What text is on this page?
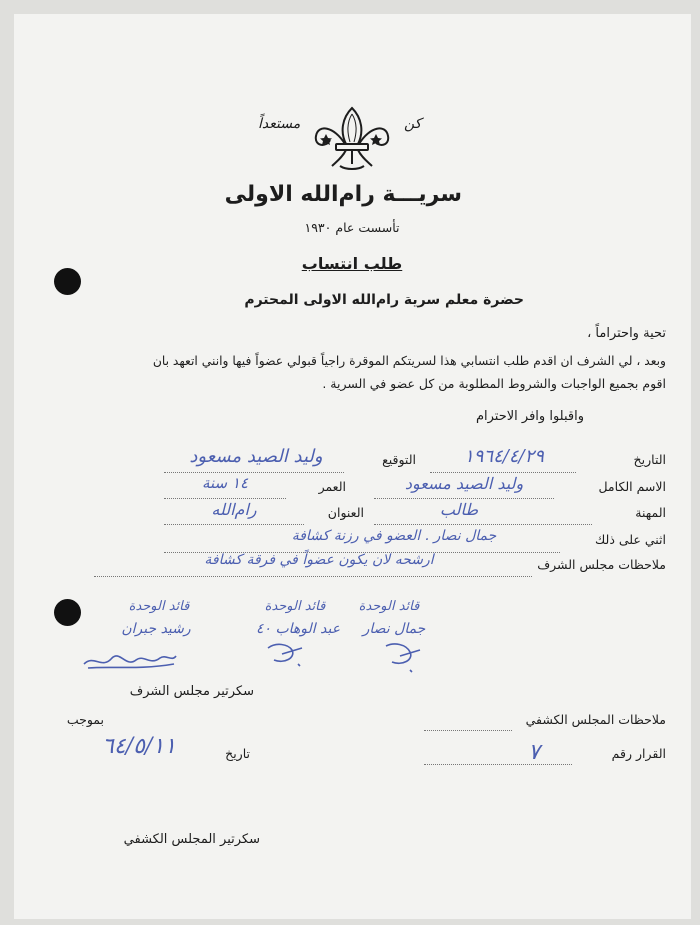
كن
مستعداً
سريـــة رام‌الله الاولى
تأسست عام ١٩٣٠
طلب انتساب
حضرة معلم سرية رام‌الله الاولى المحترم
تحية واحتراماً ،
وبعد ، لي الشرف ان اقدم طلب انتسابي هذا لسريتكم الموقرة راجياً قبولي عضواً فيها وانني اتعهد بان
اقوم بجميع الواجبات والشروط المطلوبة من كل عضو في السرية .
واقبلوا وافر الاحترام
التاريخ
١٩٦٤/٤/٢٩
التوقيع
وليد الصيد مسعود
الاسم الكامل
وليد الصيد مسعود
العمر
١٤ سنة
المهنة
طالب
العنوان
رام‌الله
اثني على ذلك
جمال نصار . العضو في رزنة كشافة
ملاحظات مجلس الشرف
ارشحه لان يكون عضواً في فرقة كشافة
قائد الوحدة
رشيد جبران
قائد الوحدة
عبد الوهاب ٤٠
قائد الوحدة
جمال نصار
سكرتير مجلس الشرف
ملاحظات المجلس الكشفي
بموجب
القرار رقم
٧
تاريخ
٦٤/٥/١١
سكرتير المجلس الكشفي
